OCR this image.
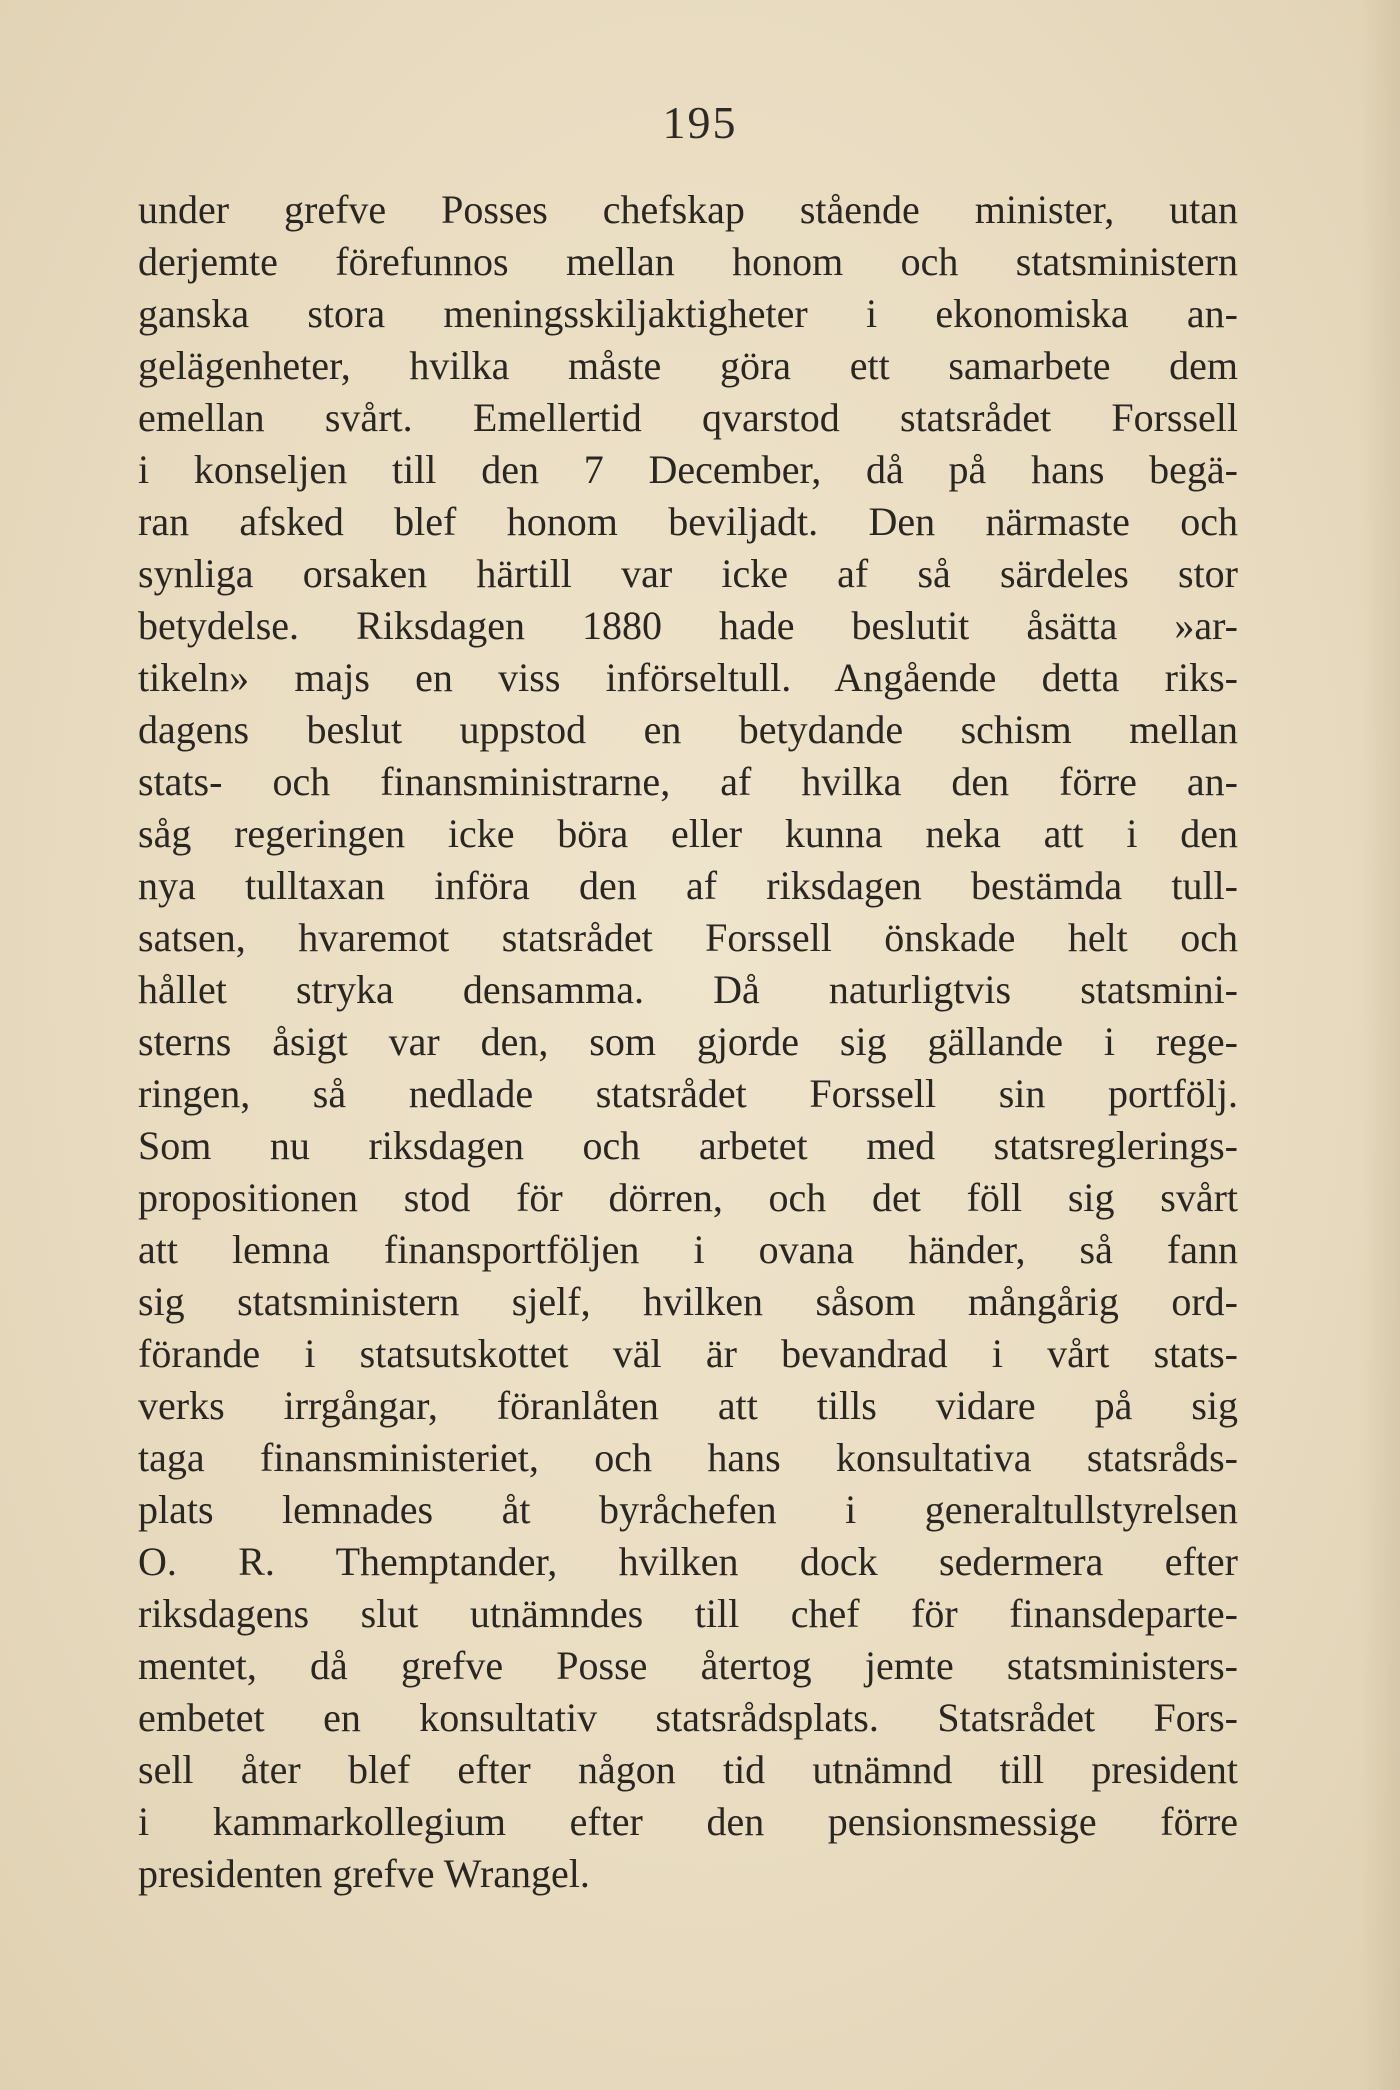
195
under grefve Posses chefskap stående minister, utan
derjemte förefunnos mellan honom och statsministern
ganska stora meningsskiljaktigheter i ekonomiska an-
gelägenheter, hvilka måste göra ett samarbete dem
emellan svårt. Emellertid qvarstod statsrådet Forssell
i konseljen till den 7 December, då på hans begä-
ran afsked blef honom beviljadt. Den närmaste och
synliga orsaken härtill var icke af så särdeles stor
betydelse. Riksdagen 1880 hade beslutit åsätta »ar-
tikeln» majs en viss införseltull. Angående detta riks-
dagens beslut uppstod en betydande schism mellan
stats- och finansministrarne, af hvilka den förre an-
såg regeringen icke böra eller kunna neka att i den
nya tulltaxan införa den af riksdagen bestämda tull-
satsen, hvaremot statsrådet Forssell önskade helt och
hållet stryka densamma. Då naturligtvis statsmini-
sterns åsigt var den, som gjorde sig gällande i rege-
ringen, så nedlade statsrådet Forssell sin portfölj.
Som nu riksdagen och arbetet med statsreglerings-
propositionen stod för dörren, och det föll sig svårt
att lemna finansportföljen i ovana händer, så fann
sig statsministern sjelf, hvilken såsom mångårig ord-
förande i statsutskottet väl är bevandrad i vårt stats-
verks irrgångar, föranlåten att tills vidare på sig
taga finansministeriet, och hans konsultativa statsråds-
plats lemnades åt byråchefen i generaltullstyrelsen
O. R. Themptander, hvilken dock sedermera efter
riksdagens slut utnämndes till chef för finansdeparte-
mentet, då grefve Posse återtog jemte statsministers-
embetet en konsultativ statsrådsplats. Statsrådet Fors-
sell åter blef efter någon tid utnämnd till president
i kammarkollegium efter den pensionsmessige förre
presidenten grefve Wrangel.
